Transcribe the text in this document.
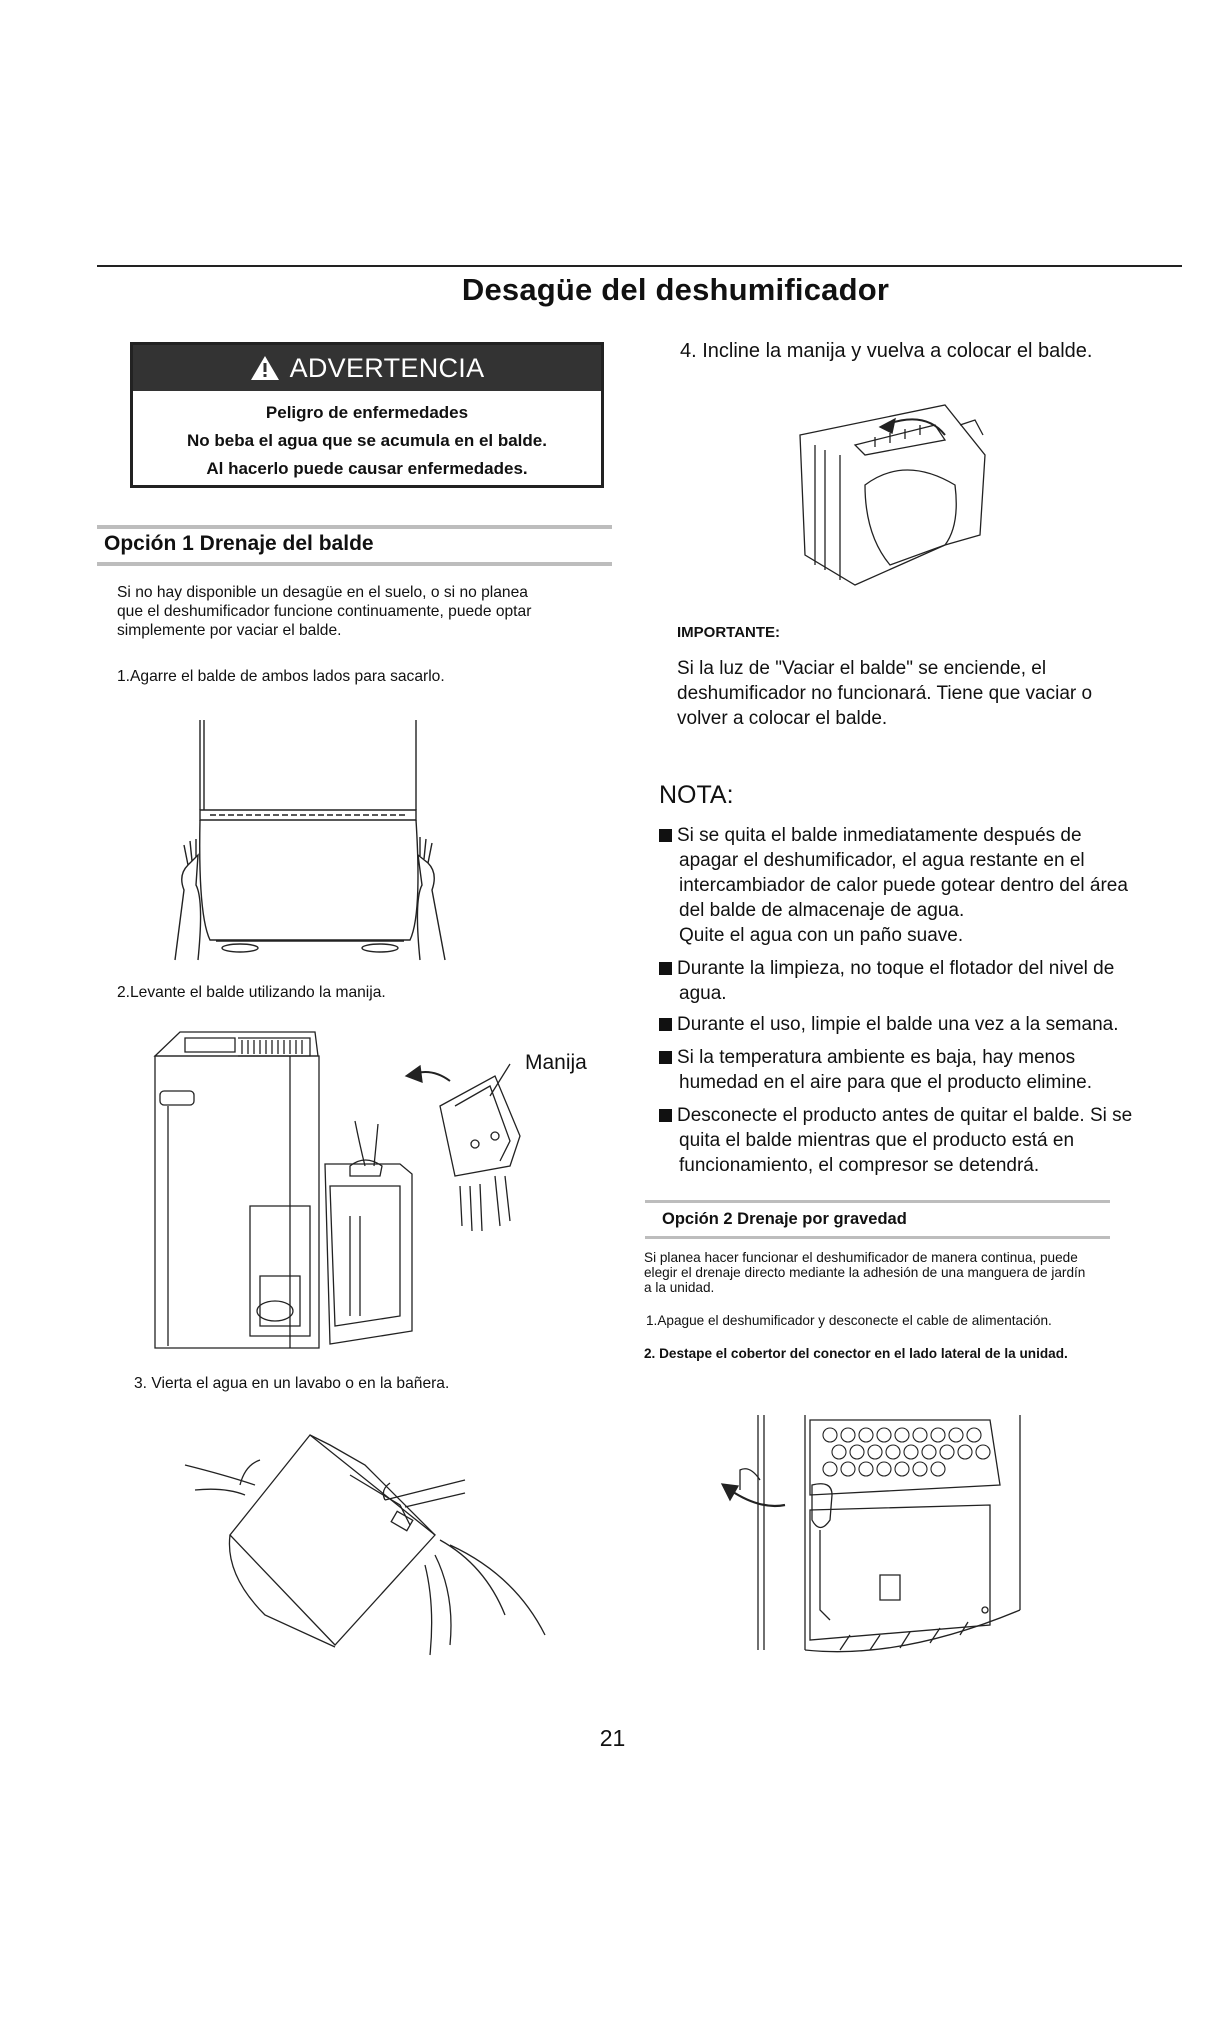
Desagüe del deshumificador
ADVERTENCIA
Peligro de enfermedades
No beba el agua que se acumula en el balde.
Al hacerlo puede causar enfermedades.
Opción 1 Drenaje del balde
Si no hay disponible un desagüe en el suelo, o si no planea
que el deshumificador funcione continuamente, puede optar
simplemente por vaciar el balde.
1.Agarre el balde de ambos lados para sacarlo.
2.Levante el balde utilizando la manija.
Manija
3. Vierta el agua en un lavabo o en la bañera.
4. Incline la manija y vuelva a colocar el balde.
IMPORTANTE:
Si la luz de "Vaciar el balde" se enciende, el
deshumificador no funcionará. Tiene que vaciar o
volver a colocar el balde.
NOTA:
Si se quita el balde inmediatamente después de
apagar el deshumificador, el agua restante en el
intercambiador de calor puede gotear dentro del área
del balde de almacenaje de agua.
Quite el agua con un paño suave.
Durante la limpieza, no toque el flotador del nivel de
agua.
Durante el uso, limpie el balde una vez a la semana.
Si la temperatura ambiente es baja, hay menos
humedad en el aire para que el producto elimine.
Desconecte el producto antes de quitar el balde. Si se
quita el balde mientras que el producto está en
funcionamiento, el compresor se detendrá.
Opción 2 Drenaje por gravedad
Si planea hacer funcionar el deshumificador de manera continua, puede
elegir el drenaje directo mediante la adhesión de una manguera de jardín
a la unidad.
1.Apague el deshumificador y desconecte el cable de alimentación.
2. Destape el cobertor del conector en el lado lateral de la unidad.
21
